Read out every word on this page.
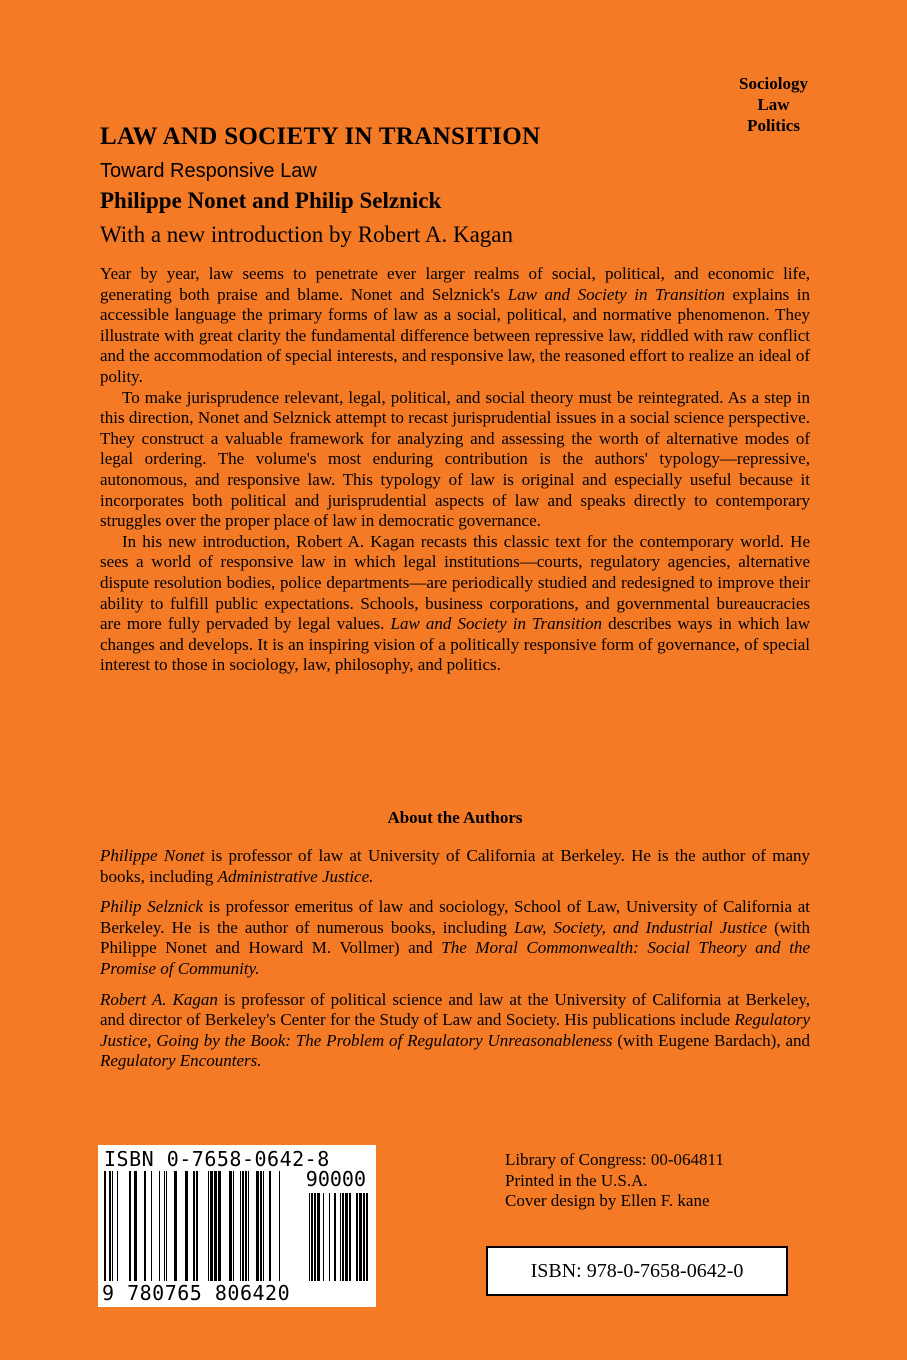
Sociology
Law
Politics
LAW AND SOCIETY IN TRANSITION
Toward Responsive Law
Philippe Nonet and Philip Selznick
With a new introduction by Robert A. Kagan

Year by year, law seems to penetrate ever larger realms of social, political, and economic life, generating both praise and blame. Nonet and Selznick's Law and Society in Transition explains in accessible language the primary forms of law as a social, political, and normative phenomenon. They illustrate with great clarity the fundamental difference between repressive law, riddled with raw conflict and the accommodation of special interests, and responsive law, the reasoned effort to realize an ideal of polity.

To make jurisprudence relevant, legal, political, and social theory must be reintegrated. As a step in this direction, Nonet and Selznick attempt to recast jurisprudential issues in a social science perspective. They construct a valuable framework for analyzing and assessing the worth of alternative modes of legal ordering. The volume's most enduring contribution is the authors' typology—repressive, autonomous, and responsive law. This typology of law is original and especially useful because it incorporates both political and jurisprudential aspects of law and speaks directly to contemporary struggles over the proper place of law in democratic governance.

In his new introduction, Robert A. Kagan recasts this classic text for the contemporary world. He sees a world of responsive law in which legal institutions—courts, regulatory agencies, alternative dispute resolution bodies, police departments—are periodically studied and redesigned to improve their ability to fulfill public expectations. Schools, business corporations, and governmental bureaucracies are more fully pervaded by legal values. Law and Society in Transition describes ways in which law changes and develops. It is an inspiring vision of a politically responsive form of governance, of special interest to those in sociology, law, philosophy, and politics.

About the Authors

Philippe Nonet is professor of law at University of California at Berkeley. He is the author of many books, including Administrative Justice.

Philip Selznick is professor emeritus of law and sociology, School of Law, University of California at Berkeley. He is the author of numerous books, including Law, Society, and Industrial Justice (with Philippe Nonet and Howard M. Vollmer) and The Moral Commonwealth: Social Theory and the Promise of Community.

Robert A. Kagan is professor of political science and law at the University of California at Berkeley, and director of Berkeley's Center for the Study of Law and Society. His publications include Regulatory Justice, Going by the Book: The Problem of Regulatory Unreasonableness (with Eugene Bardach), and Regulatory Encounters.

ISBN 0-7658-0642-8
90000
9 780765 806420
Library of Congress: 00-064811
Printed in the U.S.A.
Cover design by Ellen F. kane
ISBN: 978-0-7658-0642-0
